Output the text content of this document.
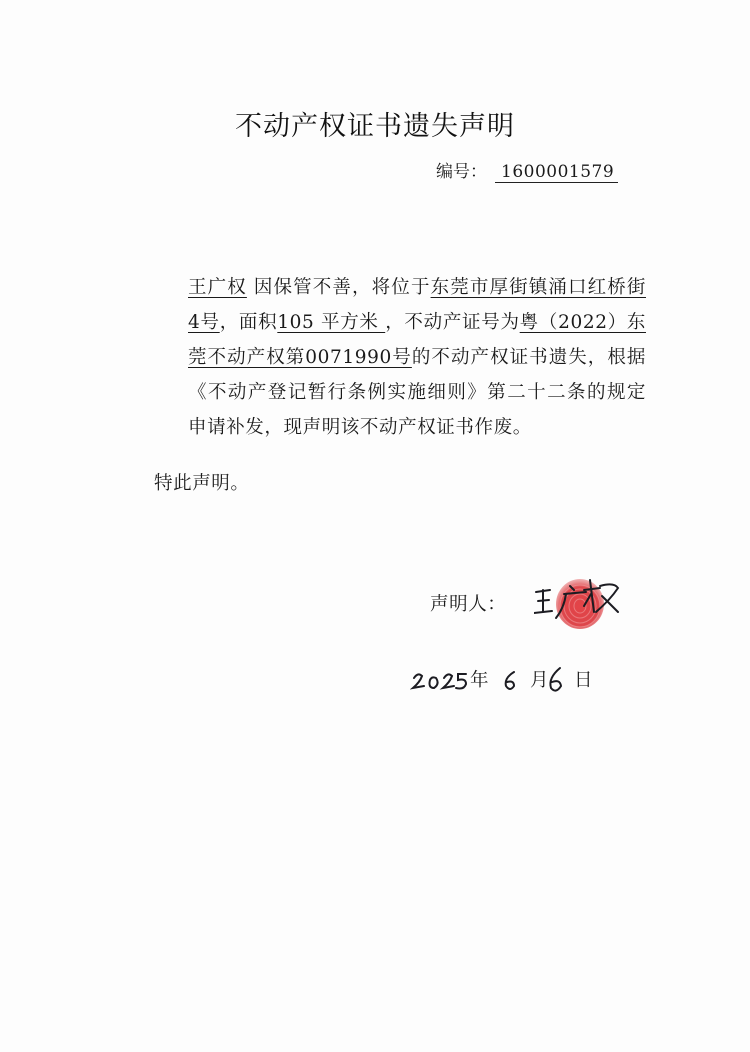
不动产权证书遗失声明
编号： 1600001579

王广权 因保管不善，将位于东莞市厚街镇涌口红桥街4号，面积105 平方米 ，不动产证号为粤（2022）东莞不动产权第0071990号的不动产权证书遗失，根据《不动产登记暂行条例实施细则》第二十二条的规定申请补发，现声明该不动产权证书作废。

特此声明。
声明人：
年 月 日
